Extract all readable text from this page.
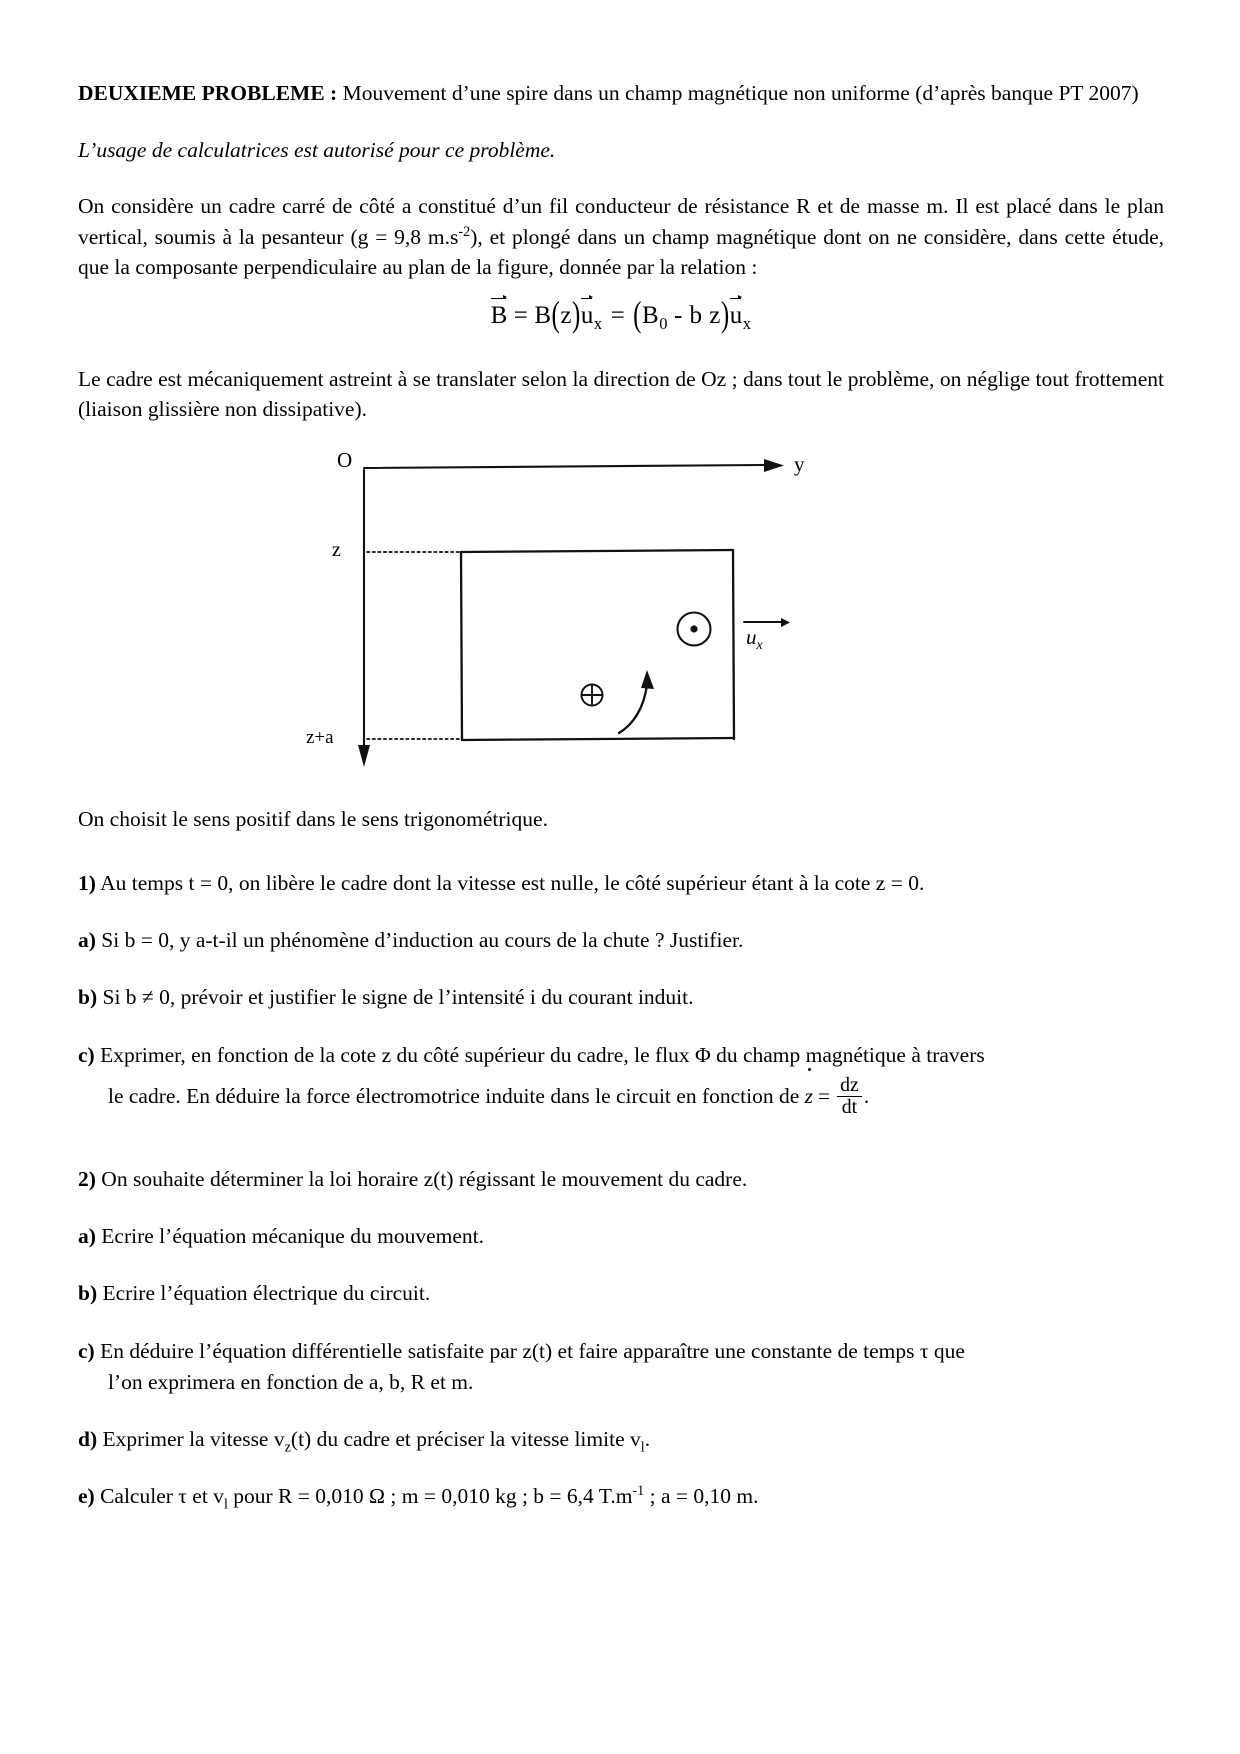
DEUXIEME PROBLEME : Mouvement d’une spire dans un champ magnétique non uniforme (d’après banque PT 2007)

L’usage de calculatrices est autorisé pour ce problème.

On considère un cadre carré de côté a constitué d’un fil conducteur de résistance R et de masse m. Il est placé dans le plan vertical, soumis à la pesanteur (g = 9,8 $m.s^{-2}$), et plongé dans un champ magnétique dont on ne considère, dans cette étude, que la composante perpendiculaire au plan de la figure, donnée par la relation :

$B = B(z)u_x = (B_0 - b$ $z)u_x$

Le cadre est mécaniquement astreint à se translater selon la direction de Oz ; dans tout le problème, on néglige tout frottement (liaison glissière non dissipative).

O	y
z
z+a
$u_x$

On choisit le sens positif dans le sens trigonométrique.

1) Au temps t = 0, on libère le cadre dont la vitesse est nulle, le côté supérieur étant à la cote z = 0.

a) Si b = 0, y a-t-il un phénomène d’induction au cours de la chute ? Justifier.

b) Si b ≠ 0, prévoir et justifier le signe de l’intensité i du courant induit.

c) Exprimer, en fonction de la cote z du côté supérieur du cadre, le flux Φ du champ magnétique à travers

le cadre. En déduire la force électromotrice induite dans le circuit en fonction de $z = \frac{dz}{dt}$ .

2) On souhaite déterminer la loi horaire z(t) régissant le mouvement du cadre.

a) Ecrire l’équation mécanique du mouvement.

b) Ecrire l’équation électrique du circuit.

c) En déduire l’équation différentielle satisfaite par z(t) et faire apparaître une constante de temps τ que

l’on exprimera en fonction de a, b, R et m.

d) Exprimer la vitesse $v_z(t)$ du cadre et préciser la vitesse limite $v_l$.

e) Calculer τ et $v_l$ pour R = 0,010 Ω ; m = 0,010 kg ; b = 6,4 $T.m^{-1}$ ; a = 0,10 m.
